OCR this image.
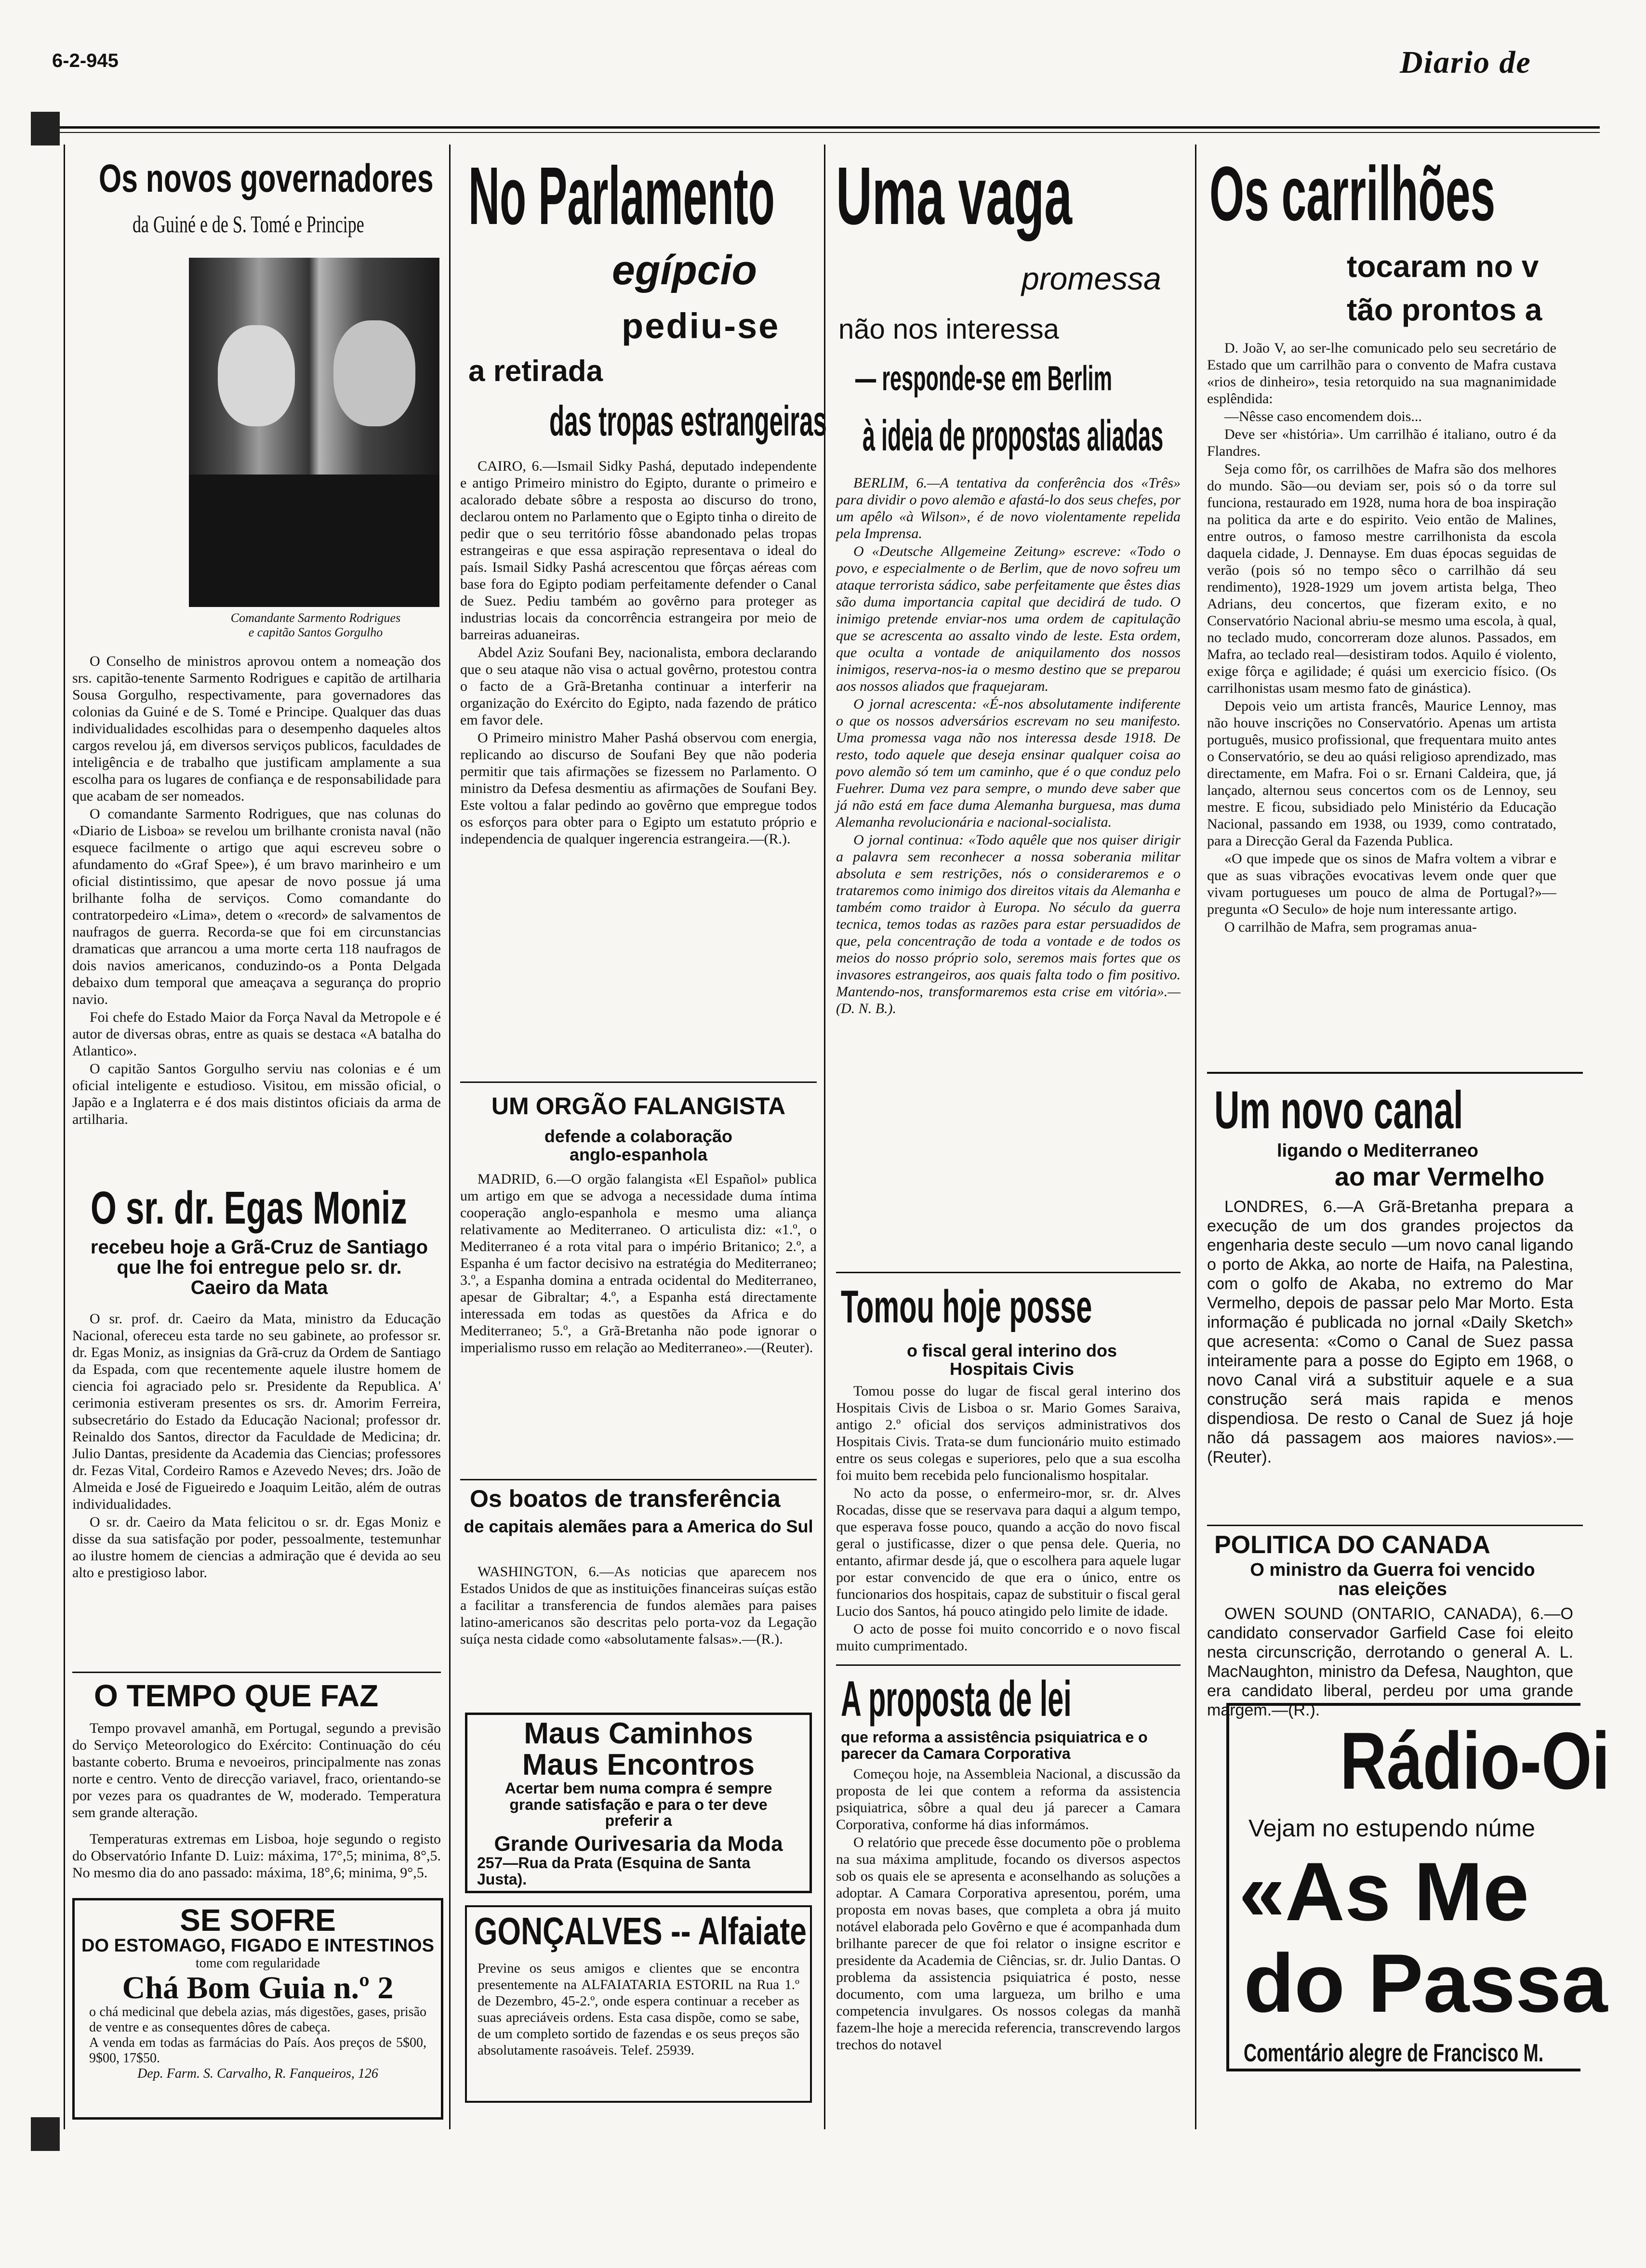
6-2-945	Diario de
Os novos governadores
da Guiné e de S. Tomé e Principe
Comandante Sarmento Rodrigues
e capitão Santos Gorgulho

O Conselho de ministros aprovou ontem a nomeação dos srs. capitão-tenente Sarmento Rodrigues e capitão de artilharia Sousa Gorgulho, respectivamente, para governadores das colonias da Guiné e de S. Tomé e Principe. Qualquer das duas individualidades escolhidas para o desempenho daqueles altos cargos revelou já, em diversos serviços publicos, faculdades de inteligência e de trabalho que justificam amplamente a sua escolha para os lugares de confiança e de responsabilidade para que acabam de ser nomeados.

O comandante Sarmento Rodrigues, que nas colunas do «Diario de Lisboa» se revelou um brilhante cronista naval (não esquece facilmente o artigo que aqui escreveu sobre o afundamento do «Graf Spee»), é um bravo marinheiro e um oficial distintissimo, que apesar de novo possue já uma brilhante folha de serviços. Como comandante do contratorpedeiro «Lima», detem o «record» de salvamentos de naufragos de guerra. Recorda-se que foi em circunstancias dramaticas que arrancou a uma morte certa 118 naufragos de dois navios americanos, conduzindo-os a Ponta Delgada debaixo dum temporal que ameaçava a segurança do proprio navio.

Foi chefe do Estado Maior da Força Naval da Metropole e é autor de diversas obras, entre as quais se destaca «A batalha do Atlantico».

O capitão Santos Gorgulho serviu nas colonias e é um oficial inteligente e estudioso. Visitou, em missão oficial, o Japão e a Inglaterra e é dos mais distintos oficiais da arma de artilharia.

O sr. dr. Egas Moniz
recebeu hoje a Grã-Cruz de Santiago que lhe foi entregue pelo sr. dr. Caeiro da Mata

O sr. prof. dr. Caeiro da Mata, ministro da Educação Nacional, ofereceu esta tarde no seu gabinete, ao professor sr. dr. Egas Moniz, as insignias da Grã-cruz da Ordem de Santiago da Espada, com que recentemente aquele ilustre homem de ciencia foi agraciado pelo sr. Presidente da Republica. A' cerimonia estiveram presentes os srs. dr. Amorim Ferreira, subsecretário do Estado da Educação Nacional; professor dr. Reinaldo dos Santos, director da Faculdade de Medicina; dr. Julio Dantas, presidente da Academia das Ciencias; professores dr. Fezas Vital, Cordeiro Ramos e Azevedo Neves; drs. João de Almeida e José de Figueiredo e Joaquim Leitão, além de outras individualidades.

O sr. dr. Caeiro da Mata felicitou o sr. dr. Egas Moniz e disse da sua satisfação por poder, pessoalmente, testemunhar ao ilustre homem de ciencias a admiração que é devida ao seu alto e prestigioso labor.

O TEMPO QUE FAZ

Tempo provavel amanhã, em Portugal, segundo a previsão do Serviço Meteorologico do Exército: Continuação do céu bastante coberto. Bruma e nevoeiros, principalmente nas zonas norte e centro. Vento de direcção variavel, fraco, orientando-se por vezes para os quadrantes de W, moderado. Temperatura sem grande alteração.

Temperaturas extremas em Lisboa, hoje segundo o registo do Observatório Infante D. Luiz: máxima, 17°,5; minima, 8°,5. No mesmo dia do ano passado: máxima, 18°,6; minima, 9°,5.

SE SOFRE
DO ESTOMAGO, FIGADO E INTESTINOS
tome com regularidade
Chá Bom Guia n.º 2
o chá medicinal que debela azias, más digestões, gases, prisão de ventre e as consequentes dôres de cabeça.
A venda em todas as farmácias do País. Aos preços de 5$00, 9$00, 17$50.
Dep. Farm. S. Carvalho, R. Fanqueiros, 126
No Parlamento
egípcio
pediu-se
a retirada
das tropas estrangeiras

CAIRO, 6.—Ismail Sidky Pashá, deputado independente e antigo Primeiro ministro do Egipto, durante o primeiro e acalorado debate sôbre a resposta ao discurso do trono, declarou ontem no Parlamento que o Egipto tinha o direito de pedir que o seu território fôsse abandonado pelas tropas estrangeiras e que essa aspiração representava o ideal do país. Ismail Sidky Pashá acrescentou que fôrças aéreas com base fora do Egipto podiam perfeitamente defender o Canal de Suez. Pediu também ao govêrno para proteger as industrias locais da concorrência estrangeira por meio de barreiras aduaneiras.

Abdel Aziz Soufani Bey, nacionalista, embora declarando que o seu ataque não visa o actual govêrno, protestou contra o facto de a Grã-Bretanha continuar a interferir na organização do Exército do Egipto, nada fazendo de prático em favor dele.

O Primeiro ministro Maher Pashá observou com energia, replicando ao discurso de Soufani Bey que não poderia permitir que tais afirmações se fizessem no Parlamento. O ministro da Defesa desmentiu as afirmações de Soufani Bey. Este voltou a falar pedindo ao govêrno que empregue todos os esforços para obter para o Egipto um estatuto próprio e independencia de qualquer ingerencia estrangeira.—(R.).

UM ORGÃO FALANGISTA
defende a colaboração anglo-espanhola

MADRID, 6.—O orgão falangista «El Español» publica um artigo em que se advoga a necessidade duma íntima cooperação anglo-espanhola e mesmo uma aliança relativamente ao Mediterraneo. O articulista diz: «1.º, o Mediterraneo é a rota vital para o império Britanico; 2.º, a Espanha é um factor decisivo na estratégia do Mediterraneo; 3.º, a Espanha domina a entrada ocidental do Mediterraneo, apesar de Gibraltar; 4.º, a Espanha está directamente interessada em todas as questões da Africa e do Mediterraneo; 5.º, a Grã-Bretanha não pode ignorar o imperialismo russo em relação ao Mediterraneo».—(Reuter).

Os boatos de transferência
de capitais alemães para a America do Sul

WASHINGTON, 6.—As noticias que aparecem nos Estados Unidos de que as instituições financeiras suíças estão a facilitar a transferencia de fundos alemães para paises latino-americanos são descritas pelo porta-voz da Legação suíça nesta cidade como «absolutamente falsas».—(R.).

Maus Caminhos
Maus Encontros
Acertar bem numa compra é sempre grande satisfação e para o ter deve preferir a
Grande Ourivesaria da Moda
257—Rua da Prata (Esquina de Santa Justa).
GONÇALVES -- Alfaiate
Previne os seus amigos e clientes que se encontra presentemente na ALFAIATARIA ESTORIL na Rua 1.º de Dezembro, 45-2.º, onde espera continuar a receber as suas apreciáveis ordens. Esta casa dispõe, como se sabe, de um completo sortido de fazendas e os seus preços são absolutamente rasoáveis. Telef. 25939.
Uma vaga
promessa
não nos interessa
— responde-se em Berlim
à ideia de propostas aliadas

BERLIM, 6.—A tentativa da conferência dos «Três» para dividir o povo alemão e afastá-lo dos seus chefes, por um apêlo «à Wilson», é de novo violentamente repelida pela Imprensa.

O «Deutsche Allgemeine Zeitung» escreve: «Todo o povo, e especialmente o de Berlim, que de novo sofreu um ataque terrorista sádico, sabe perfeitamente que êstes dias são duma importancia capital que decidirá de tudo. O inimigo pretende enviar-nos uma ordem de capitulação que se acrescenta ao assalto vindo de leste. Esta ordem, que oculta a vontade de aniquilamento dos nossos inimigos, reserva-nos-ia o mesmo destino que se preparou aos nossos aliados que fraquejaram.

O jornal acrescenta: «É-nos absolutamente indiferente o que os nossos adversários escrevam no seu manifesto. Uma promessa vaga não nos interessa desde 1918. De resto, todo aquele que deseja ensinar qualquer coisa ao povo alemão só tem um caminho, que é o que conduz pelo Fuehrer. Duma vez para sempre, o mundo deve saber que já não está em face duma Alemanha burguesa, mas duma Alemanha revolucionária e nacional-socialista.

O jornal continua: «Todo aquêle que nos quiser dirigir a palavra sem reconhecer a nossa soberania militar absoluta e sem restrições, nós o consideraremos e o trataremos como inimigo dos direitos vitais da Alemanha e também como traidor à Europa. No século da guerra tecnica, temos todas as razões para estar persuadidos de que, pela concentração de toda a vontade e de todos os meios do nosso próprio solo, seremos mais fortes que os invasores estrangeiros, aos quais falta todo o fim positivo. Mantendo-nos, transformaremos esta crise em vitória».—(D. N. B.).

Tomou hoje posse
o fiscal geral interino dos Hospitais Civis

Tomou posse do lugar de fiscal geral interino dos Hospitais Civis de Lisboa o sr. Mario Gomes Saraiva, antigo 2.º oficial dos serviços administrativos dos Hospitais Civis. Trata-se dum funcionário muito estimado entre os seus colegas e superiores, pelo que a sua escolha foi muito bem recebida pelo funcionalismo hospitalar.

No acto da posse, o enfermeiro-mor, sr. dr. Alves Rocadas, disse que se reservava para daqui a algum tempo, que esperava fosse pouco, quando a acção do novo fiscal geral o justificasse, dizer o que pensa dele. Queria, no entanto, afirmar desde já, que o escolhera para aquele lugar por estar convencido de que era o único, entre os funcionarios dos hospitais, capaz de substituir o fiscal geral Lucio dos Santos, há pouco atingido pelo limite de idade.

O acto de posse foi muito concorrido e o novo fiscal muito cumprimentado.

A proposta de lei
que reforma a assistência psiquiatrica e o parecer da Camara Corporativa

Começou hoje, na Assembleia Nacional, a discussão da proposta de lei que contem a reforma da assistencia psiquiatrica, sôbre a qual deu já parecer a Camara Corporativa, conforme há dias informámos.

O relatório que precede êsse documento põe o problema na sua máxima amplitude, focando os diversos aspectos sob os quais ele se apresenta e aconselhando as soluções a adoptar. A Camara Corporativa apresentou, porém, uma proposta em novas bases, que completa a obra já muito notável elaborada pelo Govêrno e que é acompanhada dum brilhante parecer de que foi relator o insigne escritor e presidente da Academia de Ciências, sr. dr. Julio Dantas. O problema da assistencia psiquiatrica é posto, nesse documento, com uma largueza, um brilho e uma competencia invulgares. Os nossos colegas da manhã fazem-lhe hoje a merecida referencia, transcrevendo largos trechos do notavel

Os carrilhões
tocaram no v
tão prontos a

D. João V, ao ser-lhe comunicado pelo seu secretário de Estado que um carrilhão para o convento de Mafra custava «rios de dinheiro», tesia retorquido na sua magnanimidade esplêndida:

—Nêsse caso encomendem dois...

Deve ser «história». Um carrilhão é italiano, outro é da Flandres.

Seja como fôr, os carrilhões de Mafra são dos melhores do mundo. São—ou deviam ser, pois só o da torre sul funciona, restaurado em 1928, numa hora de boa inspiração na politica da arte e do espirito. Veio então de Malines, entre outros, o famoso mestre carrilhonista da escola daquela cidade, J. Dennayse. Em duas épocas seguidas de verão (pois só no tempo sêco o carrilhão dá seu rendimento), 1928-1929 um jovem artista belga, Theo Adrians, deu concertos, que fizeram exito, e no Conservatório Nacional abriu-se mesmo uma escola, à qual, no teclado mudo, concorreram doze alunos. Passados, em Mafra, ao teclado real—desistiram todos. Aquilo é violento, exige fôrça e agilidade; é quási um exercicio físico. (Os carrilhonistas usam mesmo fato de ginástica).

Depois veio um artista francês, Maurice Lennoy, mas não houve inscrições no Conservatório. Apenas um artista português, musico profissional, que frequentara muito antes o Conservatório, se deu ao quási religioso aprendizado, mas directamente, em Mafra. Foi o sr. Ernani Caldeira, que, já lançado, alternou seus concertos com os de Lennoy, seu mestre. E ficou, subsidiado pelo Ministério da Educação Nacional, passando em 1938, ou 1939, como contratado, para a Direcção Geral da Fazenda Publica.

«O que impede que os sinos de Mafra voltem a vibrar e que as suas vibrações evocativas levem onde quer que vivam portugueses um pouco de alma de Portugal?»—pregunta «O Seculo» de hoje num interessante artigo.

O carrilhão de Mafra, sem programas anua-

Um novo canal
ligando o Mediterraneo
ao mar Vermelho

LONDRES, 6.—A Grã-Bretanha prepara a execução de um dos grandes projectos da engenharia deste seculo —um novo canal ligando o porto de Akka, ao norte de Haifa, na Palestina, com o golfo de Akaba, no extremo do Mar Vermelho, depois de passar pelo Mar Morto. Esta informação é publicada no jornal «Daily Sketch» que acresenta: «Como o Canal de Suez passa inteiramente para a posse do Egipto em 1968, o novo Canal virá a substituir aquele e a sua construção será mais rapida e menos dispendiosa. De resto o Canal de Suez já hoje não dá passagem aos maiores navios».—(Reuter).

POLITICA DO CANADA
O ministro da Guerra foi vencido nas eleições

OWEN SOUND (ONTARIO, CANADA), 6.—O candidato conservador Garfield Case foi eleito nesta circunscrição, derrotando o general A. L. MacNaughton, ministro da Defesa, Naughton, que era candidato liberal, perdeu por uma grande margem.—(R.).

Rádio-Oi
Vejam no estupendo núme
«As Me
do Passa
Comentário alegre de Francisco M.
